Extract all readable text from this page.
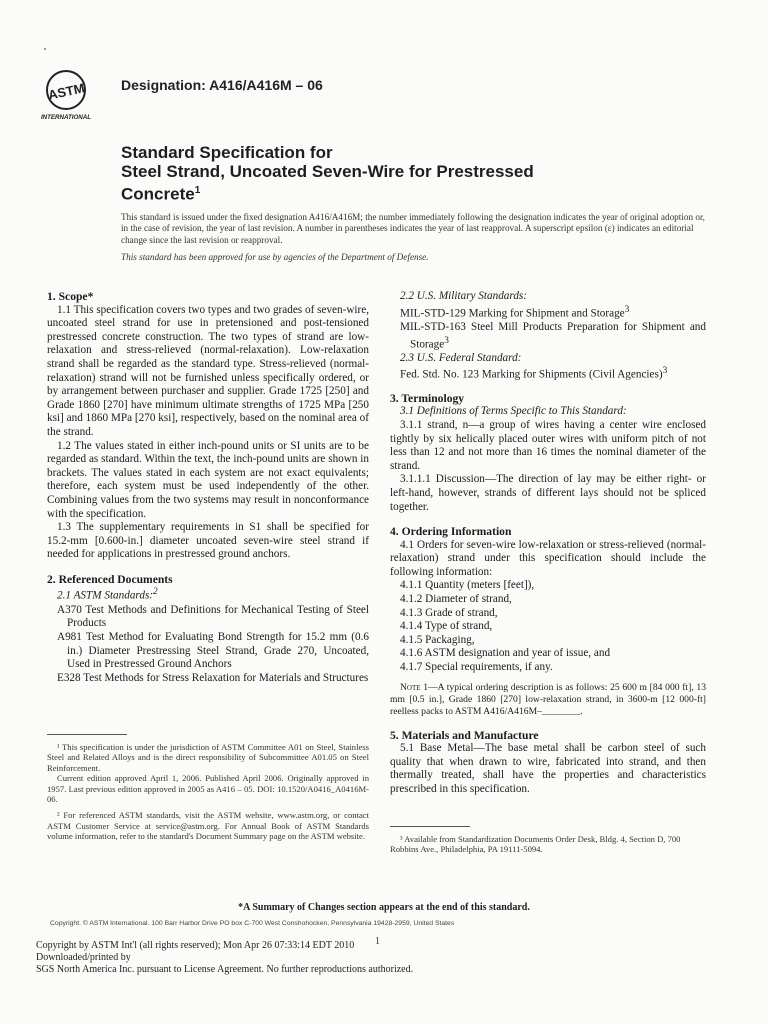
ASTM
INTERNATIONAL
Designation: A416/A416M – 06
Standard Specification for
Steel Strand, Uncoated Seven-Wire for Prestressed
Concrete$^1$
This standard is issued under the fixed designation A416/A416M; the number immediately following the designation indicates the year of original adoption or, in the case of revision, the year of last revision. A number in parentheses indicates the year of last reapproval. A superscript epsilon (ε) indicates an editorial change since the last revision or reapproval.
This standard has been approved for use by agencies of the Department of Defense.
1. Scope*

1.1 This specification covers two types and two grades of seven-wire, uncoated steel strand for use in pretensioned and post-tensioned prestressed concrete construction. The two types of strand are low-relaxation and stress-relieved (normal-relaxation). Low-relaxation strand shall be regarded as the standard type. Stress-relieved (normal-relaxation) strand will not be furnished unless specifically ordered, or by arrangement between purchaser and supplier. Grade 1725 [250] and Grade 1860 [270] have minimum ultimate strengths of 1725 MPa [250 ksi] and 1860 MPa [270 ksi], respectively, based on the nominal area of the strand.

1.2 The values stated in either inch-pound units or SI units are to be regarded as standard. Within the text, the inch-pound units are shown in brackets. The values stated in each system are not exact equivalents; therefore, each system must be used independently of the other. Combining values from the two systems may result in nonconformance with the specification.

1.3 The supplementary requirements in S1 shall be specified for 15.2-mm [0.600-in.] diameter uncoated seven-wire steel strand if needed for applications in prestressed ground anchors.

2. Referenced Documents

2.1 ASTM Standards:$^2$

A370 Test Methods and Definitions for Mechanical Testing of Steel Products

A981 Test Method for Evaluating Bond Strength for 15.2 mm (0.6 in.) Diameter Prestressing Steel Strand, Grade 270, Uncoated, Used in Prestressed Ground Anchors

E328 Test Methods for Stress Relaxation for Materials and Structures

¹ This specification is under the jurisdiction of ASTM Committee A01 on Steel, Stainless Steel and Related Alloys and is the direct responsibility of Subcommittee A01.05 on Steel Reinforcement.
Current edition approved April 1, 2006. Published April 2006. Originally approved in 1957. Last previous edition approved in 2005 as A416 – 05. DOI: 10.1520/A0416_A0416M-06.

² For referenced ASTM standards, visit the ASTM website, www.astm.org, or contact ASTM Customer Service at service@astm.org. For Annual Book of ASTM Standards volume information, refer to the standard's Document Summary page on the ASTM website.

2.2 U.S. Military Standards:

MIL-STD-129 Marking for Shipment and Storage$^3$

MIL-STD-163 Steel Mill Products Preparation for Shipment and Storage$^3$

2.3 U.S. Federal Standard:

Fed. Std. No. 123 Marking for Shipments (Civil Agencies)$^3$

3. Terminology

3.1 Definitions of Terms Specific to This Standard:

3.1.1 strand, n—a group of wires having a center wire enclosed tightly by six helically placed outer wires with uniform pitch of not less than 12 and not more than 16 times the nominal diameter of the strand.

3.1.1.1 Discussion—The direction of lay may be either right- or left-hand, however, strands of different lays should not be spliced together.

4. Ordering Information

4.1 Orders for seven-wire low-relaxation or stress-relieved (normal-relaxation) strand under this specification should include the following information:

4.1.1 Quantity (meters [feet]),

4.1.2 Diameter of strand,

4.1.3 Grade of strand,

4.1.4 Type of strand,

4.1.5 Packaging,

4.1.6 ASTM designation and year of issue, and

4.1.7 Special requirements, if any.

Note 1—A typical ordering description is as follows: 25 600 m [84 000 ft], 13 mm [0.5 in.], Grade 1860 [270] low-relaxation strand, in 3600-m [12 000-ft] reelless packs to ASTM A416/A416M–________.

5. Materials and Manufacture

5.1 Base Metal—The base metal shall be carbon steel of such quality that when drawn to wire, fabricated into strand, and then thermally treated, shall have the properties and characteristics prescribed in this specification.

³ Available from Standardization Documents Order Desk, Bldg. 4, Section D, 700 Robbins Ave., Philadelphia, PA 19111-5094.

*A Summary of Changes section appears at the end of this standard.
Copyright. © ASTM International. 100 Barr Harbor Drive PO box C-700 West Conshohocken, Pennsylvania 19428-2959, United States
1
Copyright by ASTM Int'l (all rights reserved); Mon Apr 26 07:33:14 EDT 2010
Downloaded/printed by
SGS North America Inc. pursuant to License Agreement. No further reproductions authorized.
